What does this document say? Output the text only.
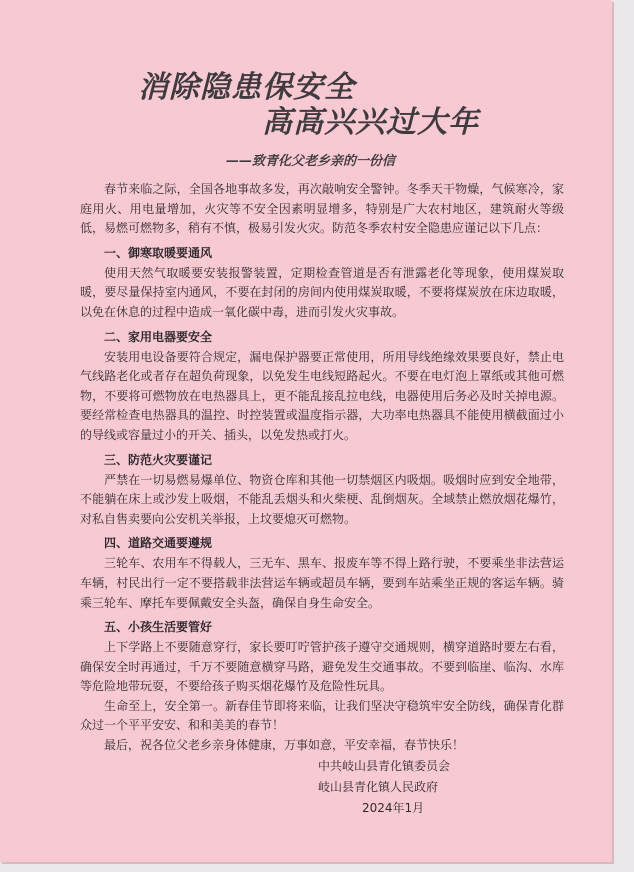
消除隐患保安全
高高兴兴过大年
——致青化父老乡亲的一份信

春节来临之际，全国各地事故多发，再次敲响安全警钟。冬季天干物燥，气候寒冷，家庭用火、用电量增加，火灾等不安全因素明显增多，特别是广大农村地区，建筑耐火等级低，易燃可燃物多，稍有不慎，极易引发火灾。防范冬季农村安全隐患应谨记以下几点：

一、御寒取暖要通风

使用天然气取暖要安装报警装置，定期检查管道是否有泄露老化等现象，使用煤炭取暖，要尽量保持室内通风，不要在封闭的房间内使用煤炭取暖，不要将煤炭放在床边取暖，以免在休息的过程中造成一氧化碳中毒，进而引发火灾事故。

二、家用电器要安全

安装用电设备要符合规定，漏电保护器要正常使用，所用导线绝缘效果要良好，禁止电气线路老化或者存在超负荷现象，以免发生电线短路起火。不要在电灯泡上罩纸或其他可燃物，不要将可燃物放在电热器具上，更不能乱接乱拉电线，电器使用后务必及时关掉电源。要经常检查电热器具的温控、时控装置或温度指示器，大功率电热器具不能使用横截面过小的导线或容量过小的开关、插头，以免发热或打火。

三、防范火灾要谨记

严禁在一切易燃易爆单位、物资仓库和其他一切禁烟区内吸烟。吸烟时应到安全地带，不能躺在床上或沙发上吸烟，不能乱丢烟头和火柴梗、乱倒烟灰。全域禁止燃放烟花爆竹，对私自售卖要向公安机关举报，上坟要熄灭可燃物。

四、道路交通要遵规

三轮车、农用车不得载人，三无车、黑车、报废车等不得上路行驶，不要乘坐非法营运车辆，村民出行一定不要搭载非法营运车辆或超员车辆，要到车站乘坐正规的客运车辆。骑乘三轮车、摩托车要佩戴安全头盔，确保自身生命安全。

五、小孩生活要管好

上下学路上不要随意穿行，家长要叮咛管护孩子遵守交通规则，横穿道路时要左右看，确保安全时再通过，千万不要随意横穿马路，避免发生交通事故。不要到临崖、临沟、水库等危险地带玩耍，不要给孩子购买烟花爆竹及危险性玩具。

生命至上，安全第一。新春佳节即将来临，让我们坚决守稳筑牢安全防线，确保青化群众过一个平平安安、和和美美的春节！

最后，祝各位父老乡亲身体健康，万事如意，平安幸福，春节快乐！

中共岐山县青化镇委员会
岐山县青化镇人民政府
2024年1月
